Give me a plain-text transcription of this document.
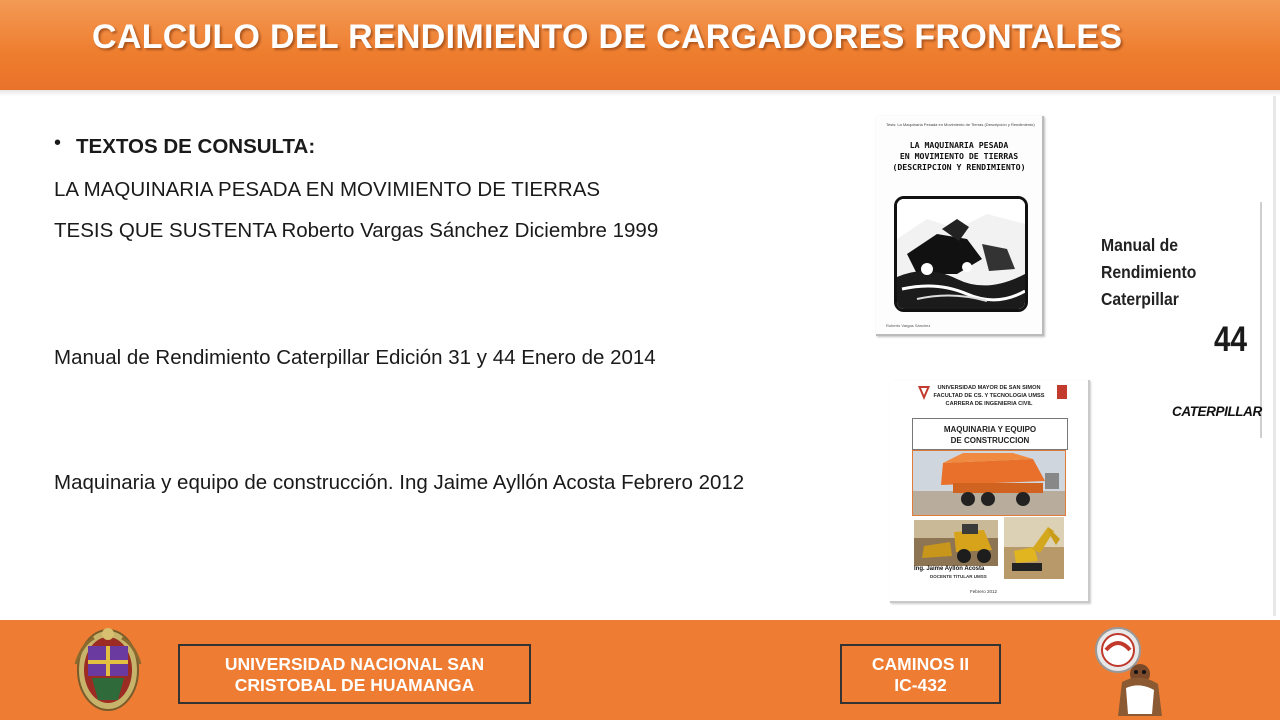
CALCULO DEL RENDIMIENTO DE CARGADORES FRONTALES
TEXTOS DE CONSULTA:
•
LA MAQUINARIA PESADA EN MOVIMIENTO DE TIERRAS
TESIS QUE SUSTENTA Roberto Vargas Sánchez Diciembre 1999
Manual de Rendimiento Caterpillar Edición 31 y 44 Enero de 2014
Maquinaria y equipo de construcción. Ing Jaime Ayllón Acosta Febrero 2012
Tesis: La Maquinaria Pesada en Movimiento de Tierras (Descripción y Rendimiento)
LA MAQUINARIA PESADA
EN MOVIMIENTO DE TIERRAS
(DESCRIPCION Y RENDIMIENTO)
Roberto Vargas Sánchez
Manual de
Rendimiento
Caterpillar
44
CATERPILLAR
UNIVERSIDAD MAYOR DE SAN SIMON
FACULTAD DE CS. Y TECNOLOGIA UMSS
CARRERA DE INGENIERIA CIVIL
MAQUINARIA Y EQUIPO
DE CONSTRUCCION
Ing. Jaime Ayllón Acosta
DOCENTE TITULAR UMSS
Febrero 2012
UNIVERSIDAD NACIONAL SAN
CRISTOBAL DE HUAMANGA
CAMINOS II
IC-432
